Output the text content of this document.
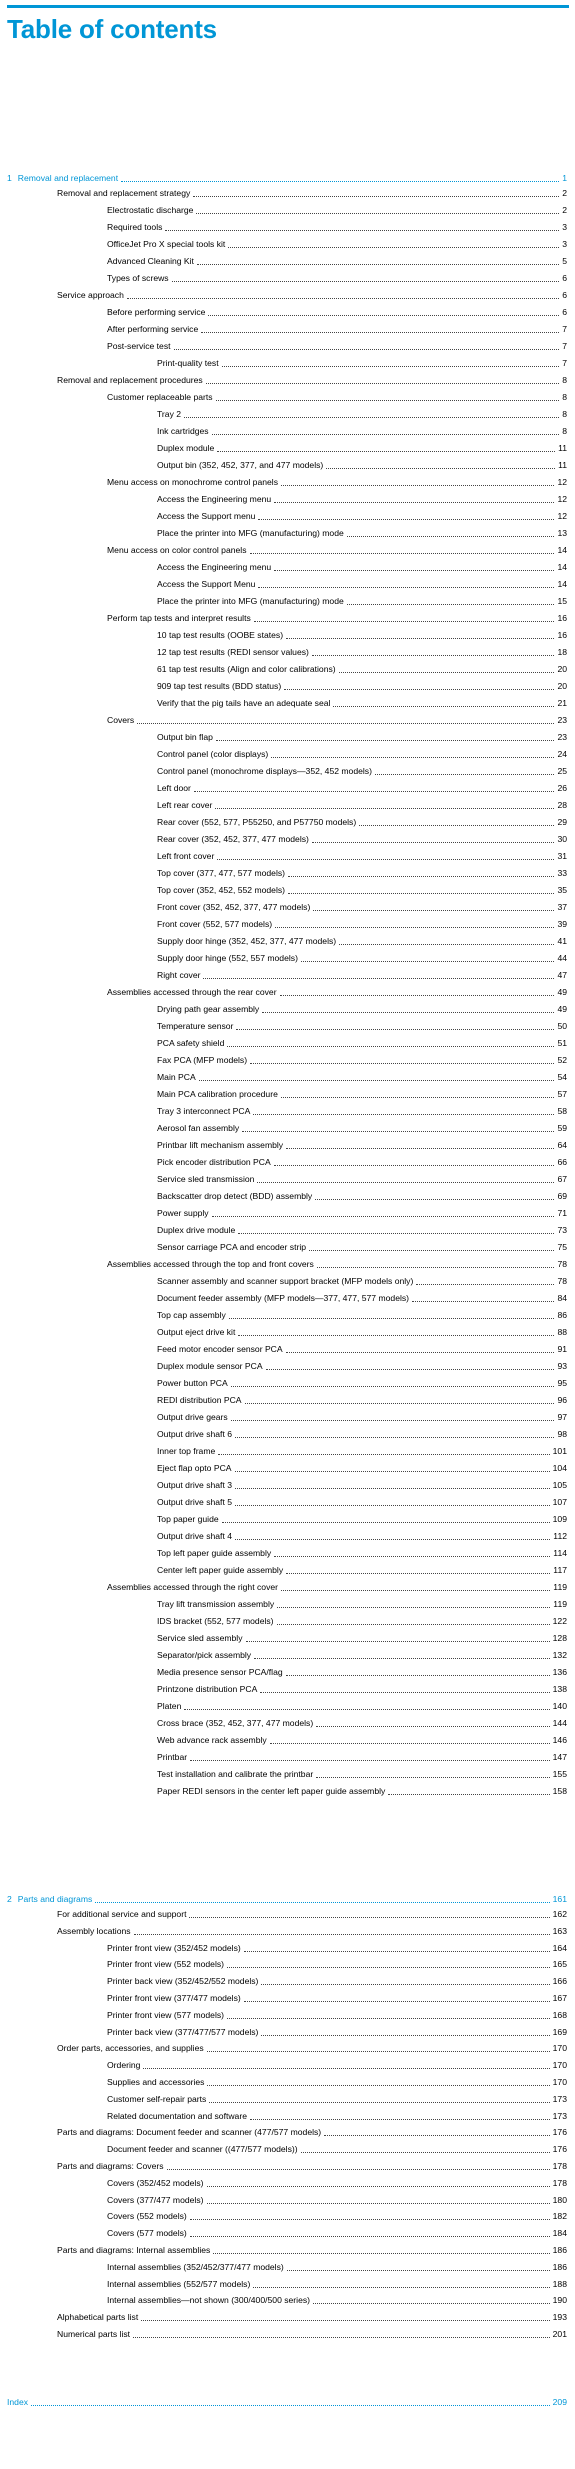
Table of contents
1 Removal and replacement	1
Removal and replacement strategy	2
Electrostatic discharge	2
Required tools	3
OfficeJet Pro X special tools kit	3
Advanced Cleaning Kit	5
Types of screws	6
Service approach	6
Before performing service	6
After performing service	7
Post-service test	7
Print-quality test	7
Removal and replacement procedures	8
Customer replaceable parts	8
Tray 2	8
Ink cartridges	8
Duplex module	11
Output bin (352, 452, 377, and 477 models)	11
Menu access on monochrome control panels	12
Access the Engineering menu	12
Access the Support menu	12
Place the printer into MFG (manufacturing) mode	13
Menu access on color control panels	14
Access the Engineering menu	14
Access the Support Menu	14
Place the printer into MFG (manufacturing) mode	15
Perform tap tests and interpret results	16
10 tap test results (OOBE states)	16
12 tap test results (REDI sensor values)	18
61 tap test results (Align and color calibrations)	20
909 tap test results (BDD status)	20
Verify that the pig tails have an adequate seal	21
Covers	23
Output bin flap	23
Control panel (color displays)	24
Control panel (monochrome displays—352, 452 models)	25
Left door	26
Left rear cover	28
Rear cover (552, 577, P55250, and P57750 models)	29
Rear cover (352, 452, 377, 477 models)	30
Left front cover	31
Top cover (377, 477, 577 models)	33
Top cover (352, 452, 552 models)	35
Front cover (352, 452, 377, 477 models)	37
Front cover (552, 577 models)	39
Supply door hinge (352, 452, 377, 477 models)	41
Supply door hinge (552, 557 models)	44
Right cover	47
Assemblies accessed through the rear cover	49
Drying path gear assembly	49
Temperature sensor	50
PCA safety shield	51
Fax PCA (MFP models)	52
Main PCA	54
Main PCA calibration procedure	57
Tray 3 interconnect PCA	58
Aerosol fan assembly	59
Printbar lift mechanism assembly	64
Pick encoder distribution PCA	66
Service sled transmission	67
Backscatter drop detect (BDD) assembly	69
Power supply	71
Duplex drive module	73
Sensor carriage PCA and encoder strip	75
Assemblies accessed through the top and front covers	78
Scanner assembly and scanner support bracket (MFP models only)	78
Document feeder assembly (MFP models—377, 477, 577 models)	84
Top cap assembly	86
Output eject drive kit	88
Feed motor encoder sensor PCA	91
Duplex module sensor PCA	93
Power button PCA	95
REDI distribution PCA	96
Output drive gears	97
Output drive shaft 6	98
Inner top frame	101
Eject flap opto PCA	104
Output drive shaft 3	105
Output drive shaft 5	107
Top paper guide	109
Output drive shaft 4	112
Top left paper guide assembly	114
Center left paper guide assembly	117
Assemblies accessed through the right cover	119
Tray lift transmission assembly	119
IDS bracket (552, 577 models)	122
Service sled assembly	128
Separator/pick assembly	132
Media presence sensor PCA/flag	136
Printzone distribution PCA	138
Platen	140
Cross brace (352, 452, 377, 477 models)	144
Web advance rack assembly	146
Printbar	147
Test installation and calibrate the printbar	155
Paper REDI sensors in the center left paper guide assembly	158
2 Parts and diagrams	161
For additional service and support	162
Assembly locations	163
Printer front view (352/452 models)	164
Printer front view (552 models)	165
Printer back view (352/452/552 models)	166
Printer front view (377/477 models)	167
Printer front view (577 models)	168
Printer back view (377/477/577 models)	169
Order parts, accessories, and supplies	170
Ordering	170
Supplies and accessories	170
Customer self-repair parts	173
Related documentation and software	173
Parts and diagrams: Document feeder and scanner (477/577 models)	176
Document feeder and scanner ((477/577 models))	176
Parts and diagrams: Covers	178
Covers (352/452 models)	178
Covers (377/477 models)	180
Covers (552 models)	182
Covers (577 models)	184
Parts and diagrams: Internal assemblies	186
Internal assemblies (352/452/377/477 models)	186
Internal assemblies (552/577 models)	188
Internal assemblies—not shown (300/400/500 series)	190
Alphabetical parts list	193
Numerical parts list	201
Index	209
